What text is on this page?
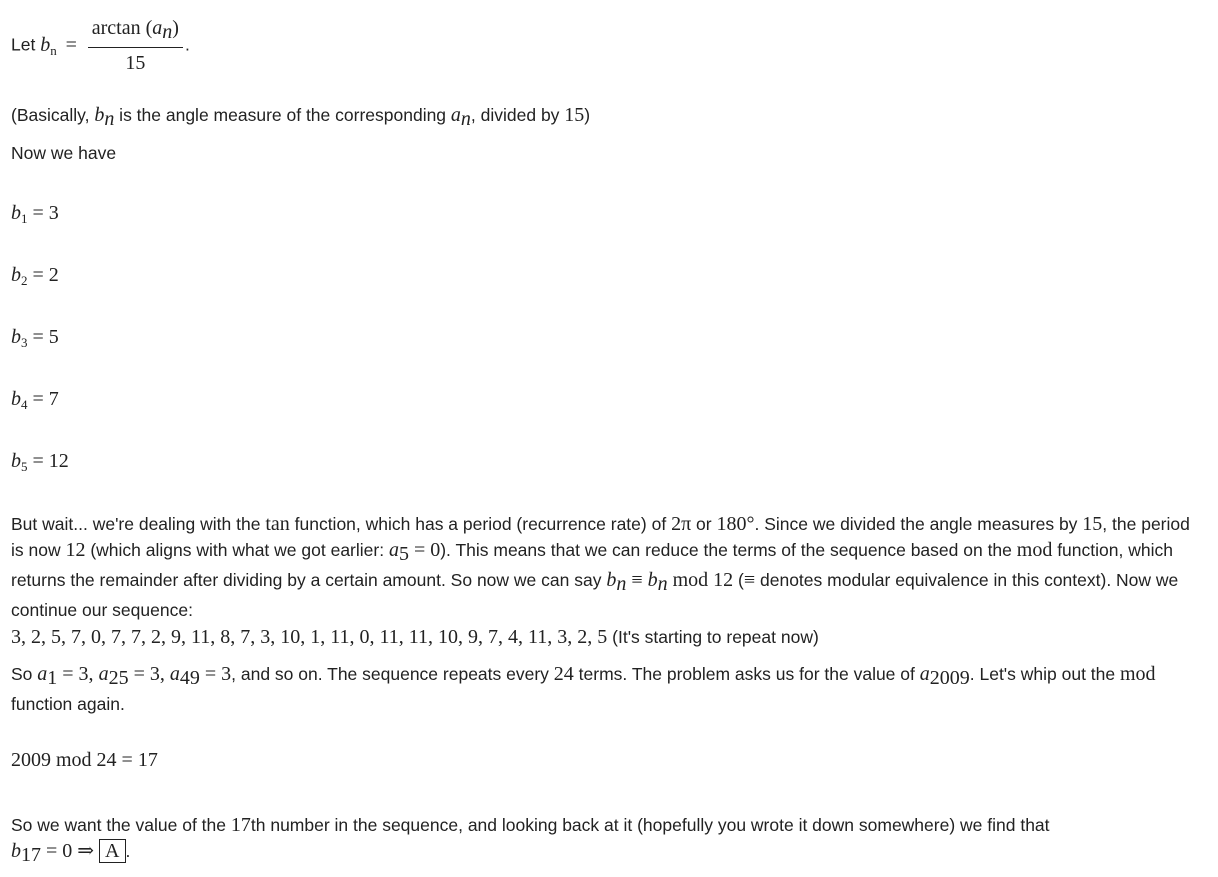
Let $b_n = \frac{\arctan (a_n)}{15}$ .
(Basically, $b_n$ is the angle measure of the corresponding $a_n$, divided by 15)
Now we have
$b_1 = 3$
$b_2 = 2$
$b_3 = 5$
$b_4 = 7$
$b_5 = 12$
But wait... we're dealing with the tan function, which has a period (recurrence rate) of 2π or 180°. Since we divided the angle measures by 15, the period is now 12 (which aligns with what we got earlier: $a_5 = 0$). This means that we can reduce the terms of the sequence based on the mod function, which returns the remainder after dividing by a certain amount. So now we can say $b_n \equiv b_n$ mod 12 (≡ denotes modular equivalence in this context). Now we continue our sequence:
3, 2, 5, 7, 0, 7, 7, 2, 9, 11, 8, 7, 3, 10, 1, 11, 0, 11, 11, 10, 9, 7, 4, 11, 3, 2, 5 (It's starting to repeat now)
So $a_1 = 3$, $a_{25} = 3$, $a_{49} = 3$, and so on. The sequence repeats every 24 terms. The problem asks us for the value of $a_{2009}$. Let's whip out the mod function again.
2009 mod 24 = 17
So we want the value of the 17th number in the sequence, and looking back at it (hopefully you wrote it down somewhere) we find that
$b_{17} = 0$ ⇒ A .
